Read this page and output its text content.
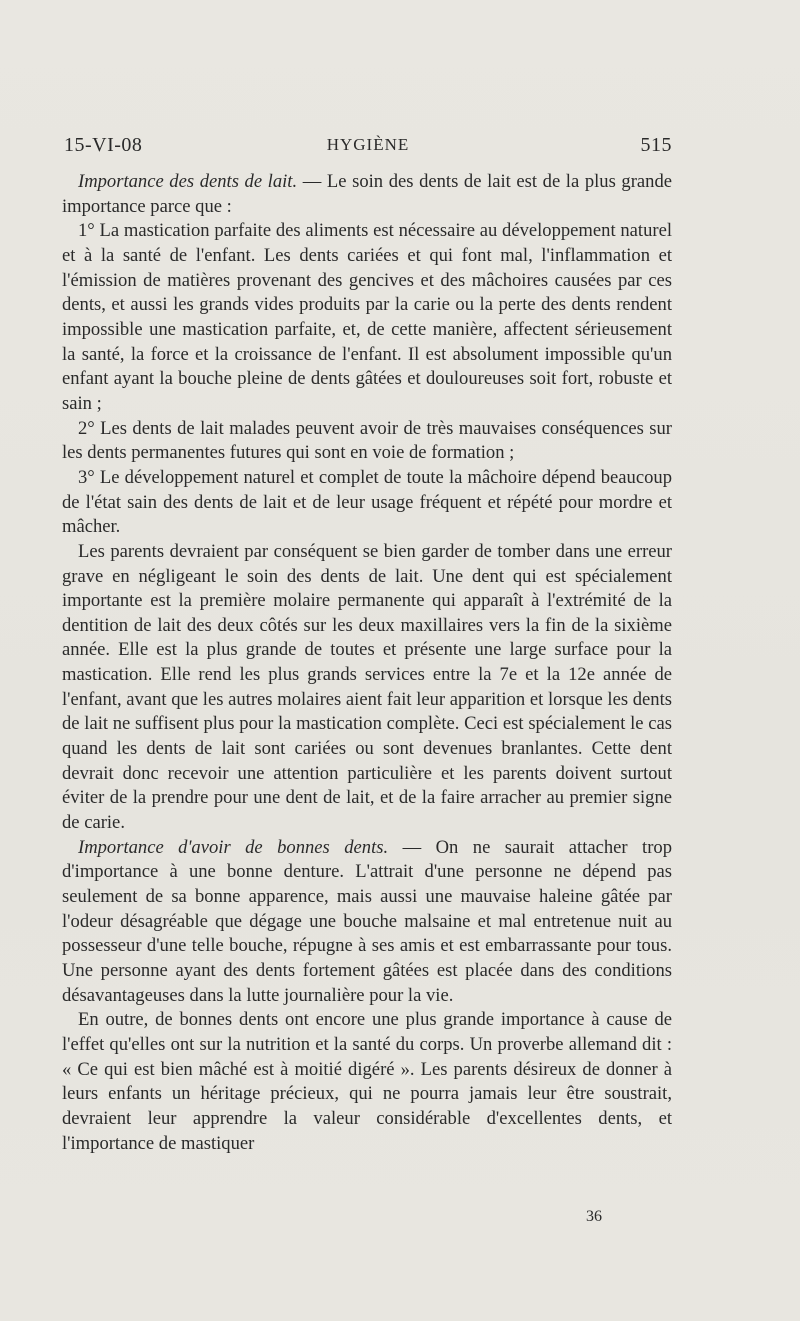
15-VI-08	HYGIÈNE	515

Importance des dents de lait. — Le soin des dents de lait est de la plus grande importance parce que :

1° La mastication parfaite des aliments est nécessaire au développement naturel et à la santé de l'enfant. Les dents cariées et qui font mal, l'inflammation et l'émission de matières provenant des gencives et des mâchoires causées par ces dents, et aussi les grands vides produits par la carie ou la perte des dents rendent impossible une mastication parfaite, et, de cette manière, affectent sérieusement la santé, la force et la croissance de l'enfant. Il est absolument impossible qu'un enfant ayant la bouche pleine de dents gâtées et douloureuses soit fort, robuste et sain ;

2° Les dents de lait malades peuvent avoir de très mauvaises conséquences sur les dents permanentes futures qui sont en voie de formation ;

3° Le développement naturel et complet de toute la mâchoire dépend beaucoup de l'état sain des dents de lait et de leur usage fréquent et répété pour mordre et mâcher.

Les parents devraient par conséquent se bien garder de tomber dans une erreur grave en négligeant le soin des dents de lait. Une dent qui est spécialement importante est la première molaire permanente qui apparaît à l'extrémité de la dentition de lait des deux côtés sur les deux maxillaires vers la fin de la sixième année. Elle est la plus grande de toutes et présente une large surface pour la mastication. Elle rend les plus grands services entre la 7e et la 12e année de l'enfant, avant que les autres molaires aient fait leur apparition et lorsque les dents de lait ne suffisent plus pour la mastication complète. Ceci est spécialement le cas quand les dents de lait sont cariées ou sont devenues branlantes. Cette dent devrait donc recevoir une attention particulière et les parents doivent surtout éviter de la prendre pour une dent de lait, et de la faire arracher au premier signe de carie.

Importance d'avoir de bonnes dents. — On ne saurait attacher trop d'importance à une bonne denture. L'attrait d'une personne ne dépend pas seulement de sa bonne apparence, mais aussi une mauvaise haleine gâtée par l'odeur désagréable que dégage une bouche malsaine et mal entretenue nuit au possesseur d'une telle bouche, répugne à ses amis et est embarrassante pour tous. Une personne ayant des dents fortement gâtées est placée dans des conditions désavantageuses dans la lutte journalière pour la vie.

En outre, de bonnes dents ont encore une plus grande importance à cause de l'effet qu'elles ont sur la nutrition et la santé du corps. Un proverbe allemand dit : « Ce qui est bien mâché est à moitié digéré ». Les parents désireux de donner à leurs enfants un héritage précieux, qui ne pourra jamais leur être soustrait, devraient leur apprendre la valeur considérable d'excellentes dents, et l'importance de mastiquer

36
